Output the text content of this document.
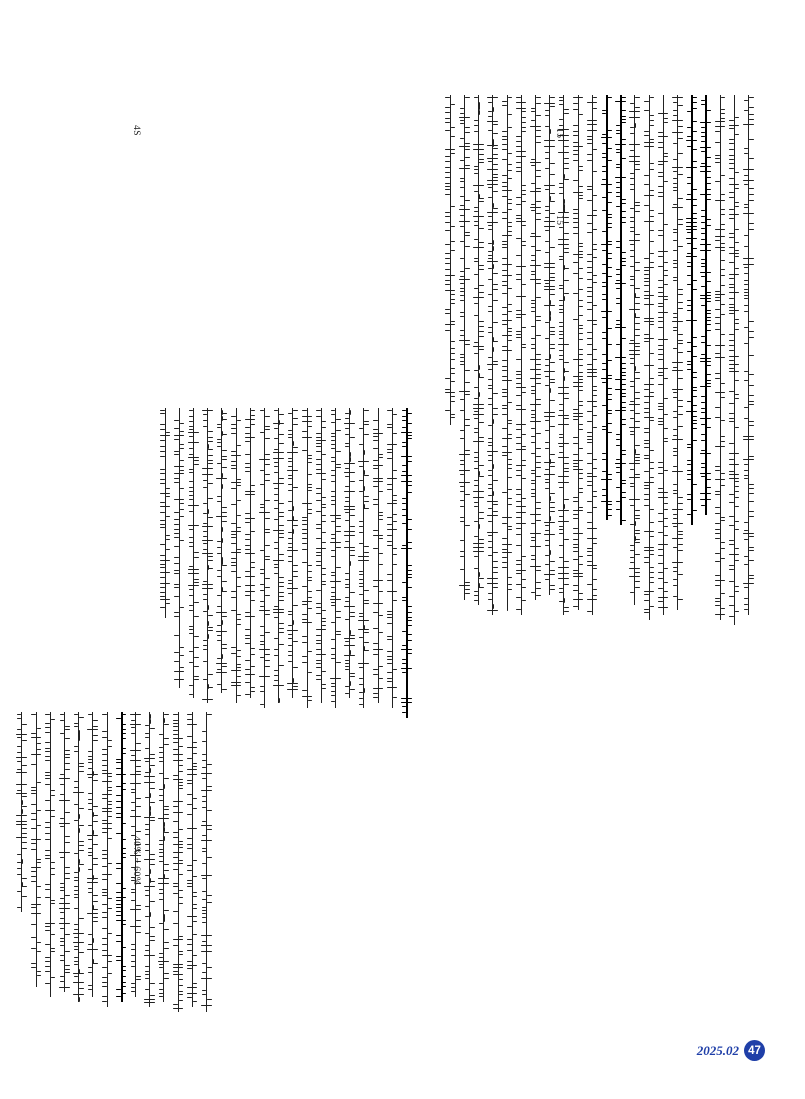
40% ~ 60%
15
4S	15
2025.02 47
